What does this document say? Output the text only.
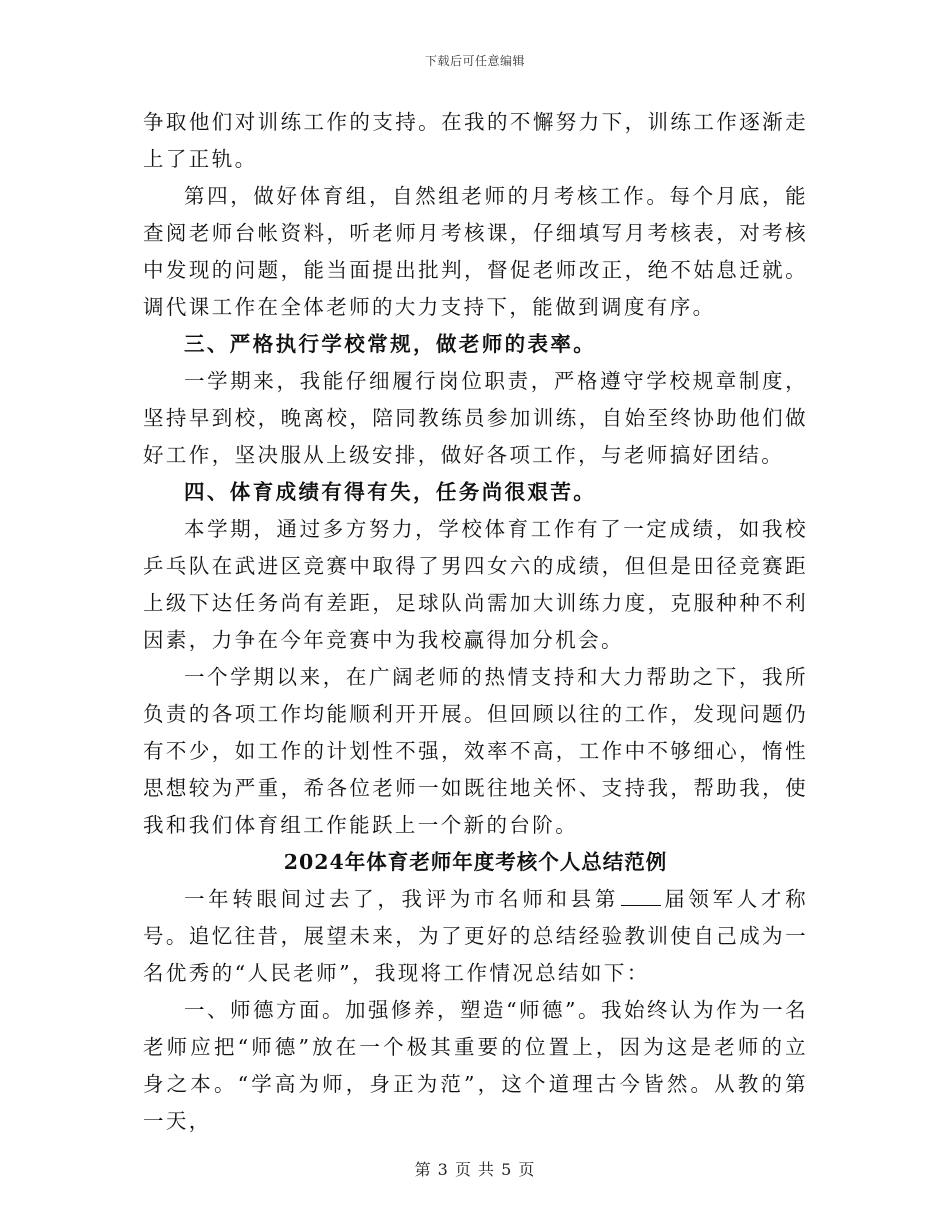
下载后可任意编辑

争取他们对训练工作的支持。在我的不懈努力下，训练工作逐渐走上了正轨。

第四，做好体育组，自然组老师的月考核工作。每个月底，能查阅老师台帐资料，听老师月考核课，仔细填写月考核表，对考核中发现的问题，能当面提出批判，督促老师改正，绝不姑息迁就。调代课工作在全体老师的大力支持下，能做到调度有序。

三、严格执行学校常规，做老师的表率。

一学期来，我能仔细履行岗位职责，严格遵守学校规章制度，坚持早到校，晚离校，陪同教练员参加训练，自始至终协助他们做好工作，坚决服从上级安排，做好各项工作，与老师搞好团结。

四、体育成绩有得有失，任务尚很艰苦。

本学期，通过多方努力，学校体育工作有了一定成绩，如我校乒乓队在武进区竞赛中取得了男四女六的成绩，但但是田径竞赛距上级下达任务尚有差距，足球队尚需加大训练力度，克服种种不利因素，力争在今年竞赛中为我校赢得加分机会。

一个学期以来，在广阔老师的热情支持和大力帮助之下，我所负责的各项工作均能顺利开开展。但回顾以往的工作，发现问题仍有不少，如工作的计划性不强，效率不高，工作中不够细心，惰性思想较为严重，希各位老师一如既往地关怀、支持我，帮助我，使我和我们体育组工作能跃上一个新的台阶。

2024年体育老师年度考核个人总结范例

一年转眼间过去了，我评为市名师和县第 届领军人才称号。追忆往昔，展望未来，为了更好的总结经验教训使自己成为一名优秀的“人民老师”，我现将工作情况总结如下：

一、师德方面。加强修养，塑造“师德”。我始终认为作为一名老师应把“师德”放在一个极其重要的位置上，因为这是老师的立身之本。“学高为师，身正为范”，这个道理古今皆然。从教的第一天，

第 3 页 共 5 页
